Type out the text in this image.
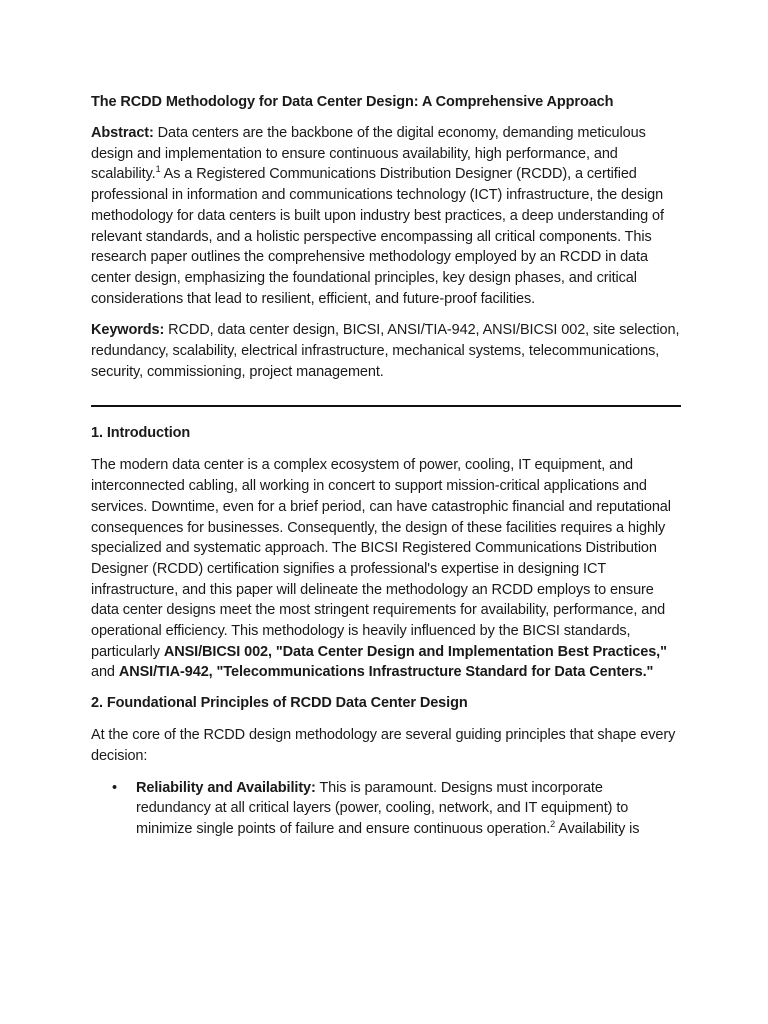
The RCDD Methodology for Data Center Design: A Comprehensive Approach

Abstract: Data centers are the backbone of the digital economy, demanding meticulous design and implementation to ensure continuous availability, high performance, and scalability.$^1$ As a Registered Communications Distribution Designer (RCDD), a certified professional in information and communications technology (ICT) infrastructure, the design methodology for data centers is built upon industry best practices, a deep understanding of relevant standards, and a holistic perspective encompassing all critical components. This research paper outlines the comprehensive methodology employed by an RCDD in data center design, emphasizing the foundational principles, key design phases, and critical considerations that lead to resilient, efficient, and future-proof facilities.

Keywords: RCDD, data center design, BICSI, ANSI/TIA-942, ANSI/BICSI 002, site selection, redundancy, scalability, electrical infrastructure, mechanical systems, telecommunications, security, commissioning, project management.

1. Introduction

The modern data center is a complex ecosystem of power, cooling, IT equipment, and interconnected cabling, all working in concert to support mission-critical applications and services. Downtime, even for a brief period, can have catastrophic financial and reputational consequences for businesses. Consequently, the design of these facilities requires a highly specialized and systematic approach. The BICSI Registered Communications Distribution Designer (RCDD) certification signifies a professional's expertise in designing ICT infrastructure, and this paper will delineate the methodology an RCDD employs to ensure data center designs meet the most stringent requirements for availability, performance, and operational efficiency. This methodology is heavily influenced by the BICSI standards, particularly ANSI/BICSI 002, "Data Center Design and Implementation Best Practices," and ANSI/TIA-942, "Telecommunications Infrastructure Standard for Data Centers."

2. Foundational Principles of RCDD Data Center Design

At the core of the RCDD design methodology are several guiding principles that shape every decision:

• Reliability and Availability: This is paramount. Designs must incorporate redundancy at all critical layers (power, cooling, network, and IT equipment) to minimize single points of failure and ensure continuous operation.$^2$ Availability is
